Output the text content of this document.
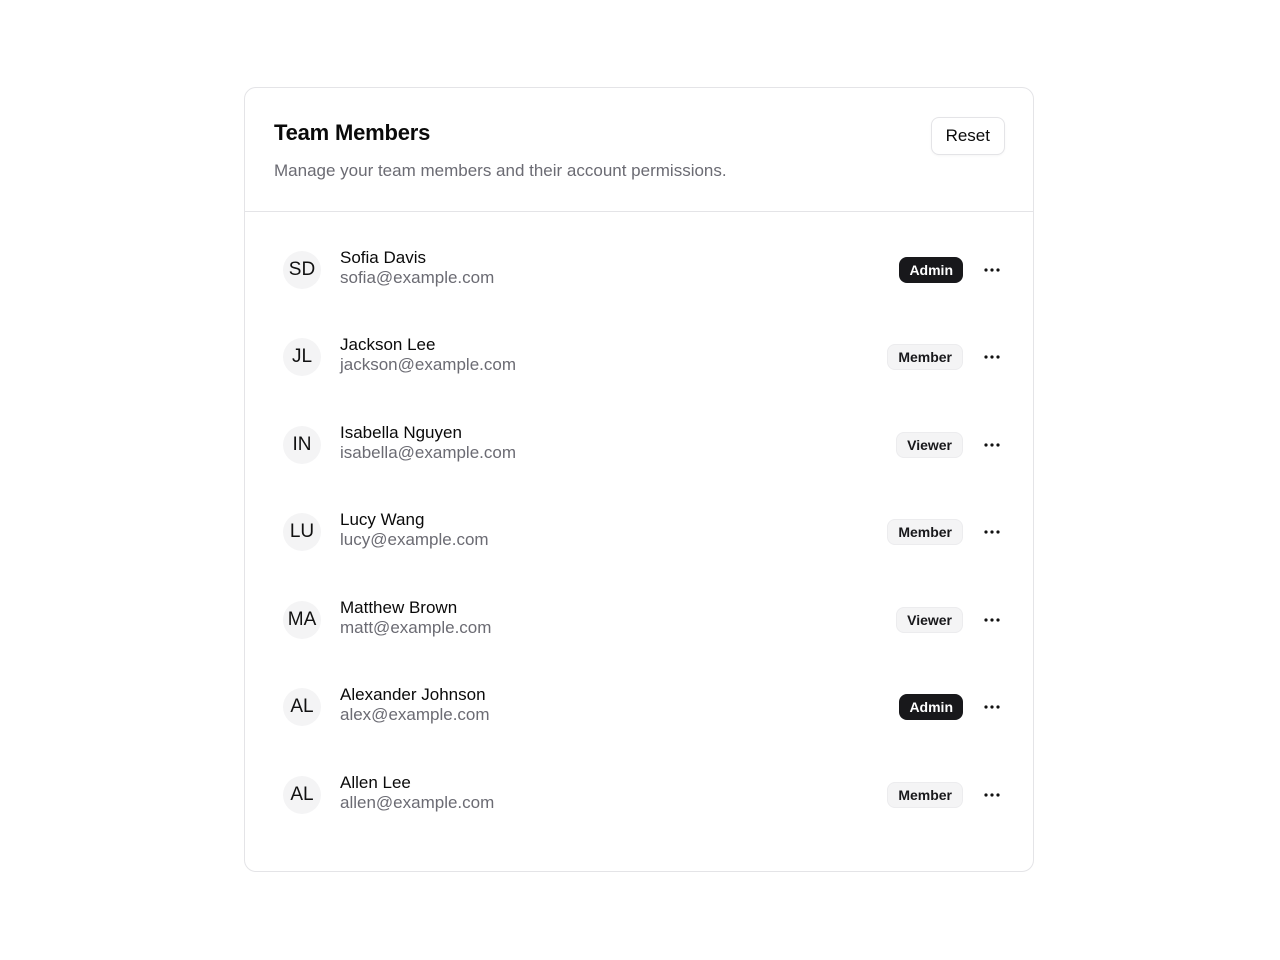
Team Members
Manage your team members and their account permissions.
Reset
SD
Sofia Davis
sofia@example.com	Admin
JL
Jackson Lee
jackson@example.com	Member
IN
Isabella Nguyen
isabella@example.com	Viewer
LU
Lucy Wang
lucy@example.com	Member
MA
Matthew Brown
matt@example.com	Viewer
AL
Alexander Johnson
alex@example.com	Admin
AL
Allen Lee
allen@example.com	Member
